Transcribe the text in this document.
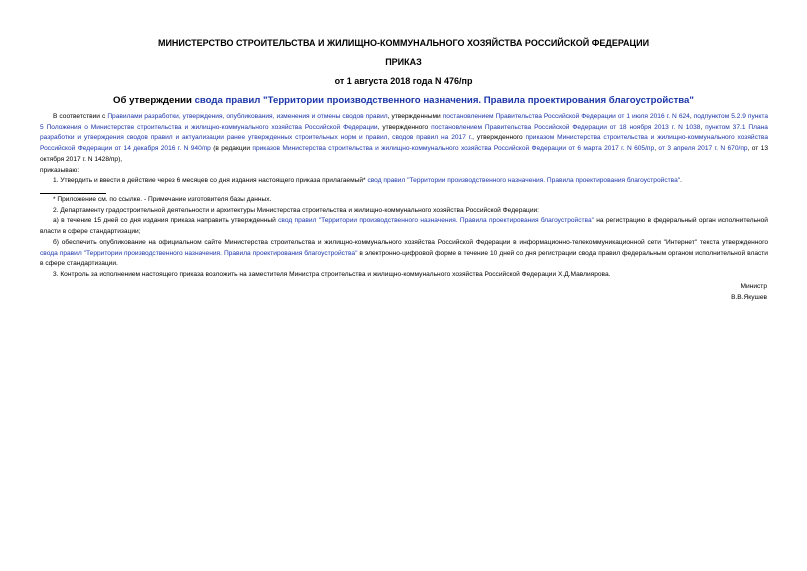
МИНИСТЕРСТВО СТРОИТЕЛЬСТВА И ЖИЛИЩНО-КОММУНАЛЬНОГО ХОЗЯЙСТВА РОССИЙСКОЙ ФЕДЕРАЦИИ
ПРИКАЗ
от 1 августа 2018 года N 476/пр
Об утверждении свода правил "Территории производственного назначения. Правила проектирования благоустройства"

В соответствии с Правилами разработки, утверждения, опубликования, изменения и отмены сводов правил, утвержденными постановлением Правительства Российской Федерации от 1 июля 2016 г. N 624, подпунктом 5.2.9 пункта 5 Положения о Министерстве строительства и жилищно-коммунального хозяйства Российской Федерации, утвержденного постановлением Правительства Российской Федерации от 18 ноября 2013 г. N 1038, пунктом 37.1 Плана разработки и утверждения сводов правил и актуализации ранее утвержденных строительных норм и правил, сводов правил на 2017 г., утвержденного приказом Министерства строительства и жилищно-коммунального хозяйства Российской Федерации от 14 декабря 2016 г. N 940/пр (в редакции приказов Министерства строительства и жилищно-коммунального хозяйства Российской Федерации от 6 марта 2017 г. N 605/пр, от 3 апреля 2017 г. N 670/пр, от 13 октября 2017 г. N 1428/пр),

приказываю:

1. Утвердить и ввести в действие через 6 месяцев со дня издания настоящего приказа прилагаемый* свод правил "Территории производственного назначения. Правила проектирования благоустройства".

* Приложение см. по ссылке. - Примечание изготовителя базы данных.

2. Департаменту градостроительной деятельности и архитектуры Министерства строительства и жилищно-коммунального хозяйства Российской Федерации:

а) в течение 15 дней со дня издания приказа направить утвержденный свод правил "Территории производственного назначения. Правила проектирования благоустройства" на регистрацию в федеральный орган исполнительной власти в сфере стандартизации;

б) обеспечить опубликование на официальном сайте Министерства строительства и жилищно-коммунального хозяйства Российской Федерации в информационно-телекоммуникационной сети "Интернет" текста утвержденного свода правил "Территории производственного назначения. Правила проектирования благоустройства" в электронно-цифровой форме в течение 10 дней со дня регистрации свода правил федеральным органом исполнительной власти в сфере стандартизации.

3. Контроль за исполнением настоящего приказа возложить на заместителя Министра строительства и жилищно-коммунального хозяйства Российской Федерации Х.Д.Мавлиярова.

Министр
В.В.Якушев
